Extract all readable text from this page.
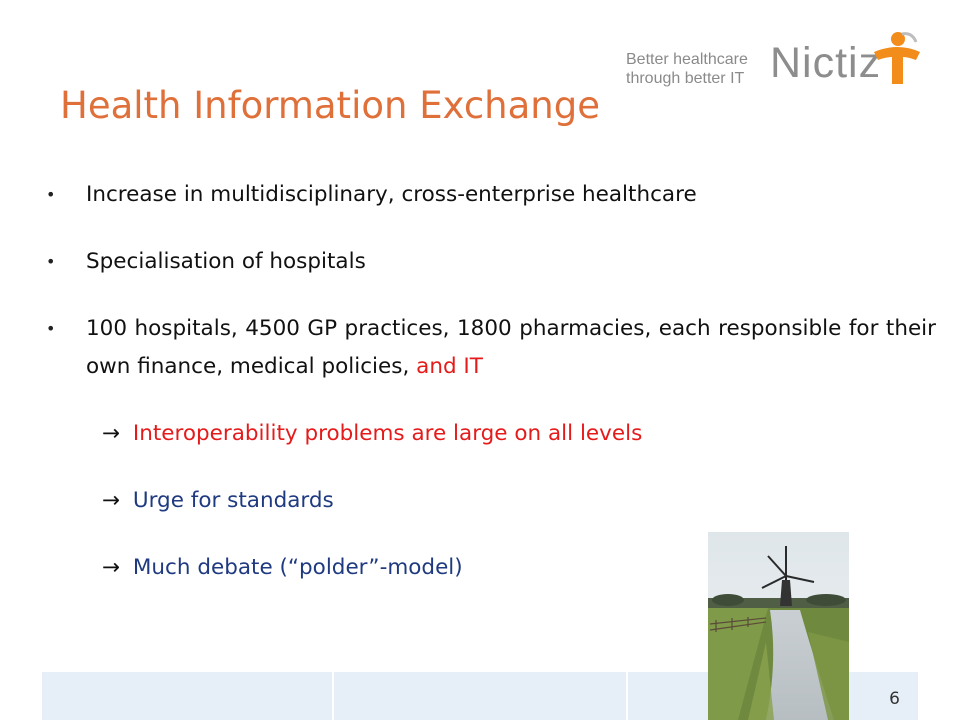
Better healthcare
through better IT Nictiz
Health Information Exchange
• Increase in multidisciplinary, cross-enterprise healthcare
• Specialisation of hospitals
• 100 hospitals, 4500 GP practices, 1800 pharmacies, each responsible for their own finance, medical policies, and IT
→ Interoperability problems are large on all levels
→ Urge for standards
→ Much debate (“polder”-model)
6
